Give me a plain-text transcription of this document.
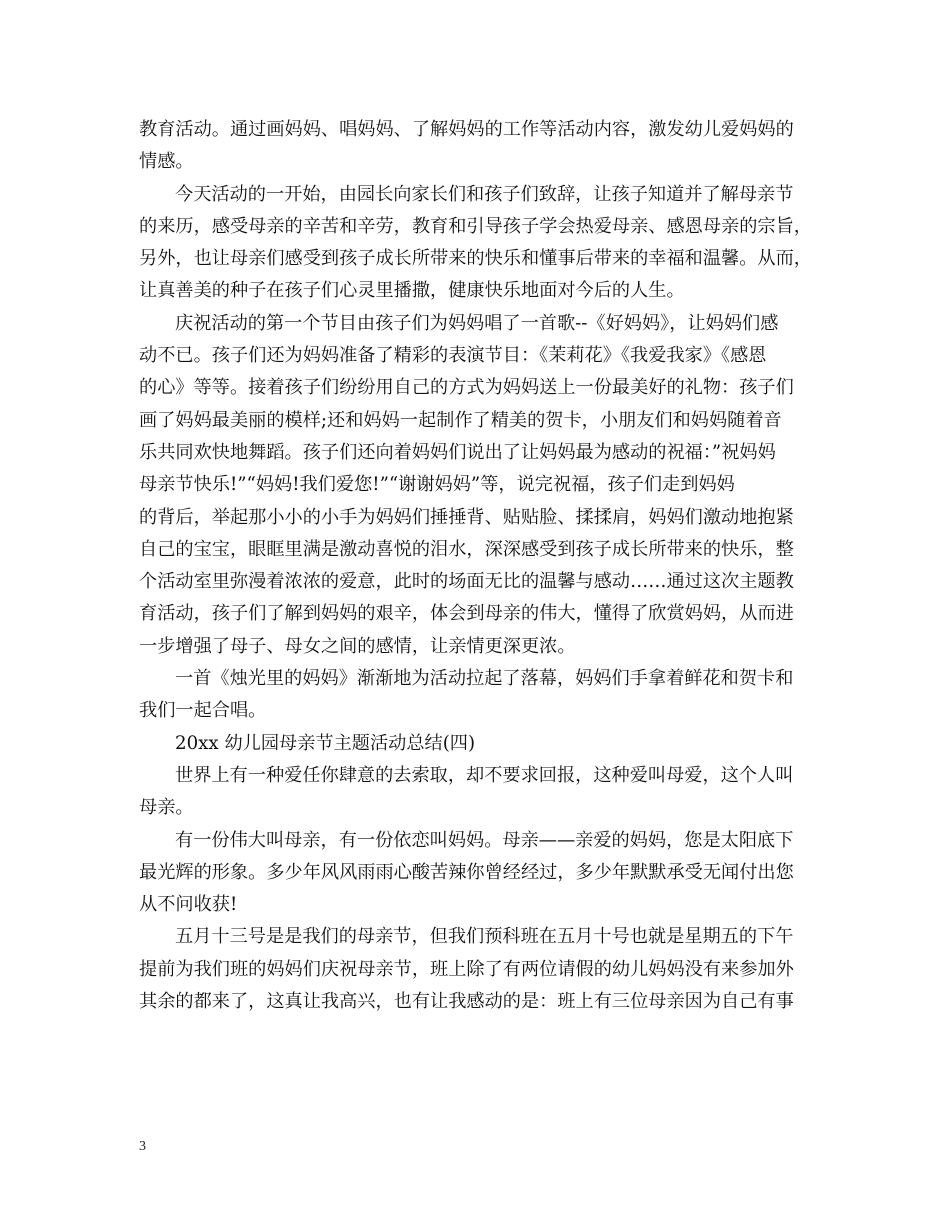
教育活动。通过画妈妈、唱妈妈、了解妈妈的工作等活动内容，激发幼儿爱妈妈的
情感。
今天活动的一开始，由园长向家长们和孩子们致辞，让孩子知道并了解母亲节
的来历，感受母亲的辛苦和辛劳，教育和引导孩子学会热爱母亲、感恩母亲的宗旨，
另外，也让母亲们感受到孩子成长所带来的快乐和懂事后带来的幸福和温馨。从而，
让真善美的种子在孩子们心灵里播撒，健康快乐地面对今后的人生。
庆祝活动的第一个节目由孩子们为妈妈唱了一首歌--《好妈妈》，让妈妈们感
动不已。孩子们还为妈妈准备了精彩的表演节目：《茉莉花》《我爱我家》《感恩
的心》等等。接着孩子们纷纷用自己的方式为妈妈送上一份最美好的礼物：孩子们
画了妈妈最美丽的模样;还和妈妈一起制作了精美的贺卡，小朋友们和妈妈随着音
乐共同欢快地舞蹈。孩子们还向着妈妈们说出了让妈妈最为感动的祝福：”祝妈妈
母亲节快乐!”“妈妈!我们爱您!”“谢谢妈妈”等，说完祝福，孩子们走到妈妈
的背后，举起那小小的小手为妈妈们捶捶背、贴贴脸、揉揉肩，妈妈们激动地抱紧
自己的宝宝，眼眶里满是激动喜悦的泪水，深深感受到孩子成长所带来的快乐，整
个活动室里弥漫着浓浓的爱意，此时的场面无比的温馨与感动……通过这次主题教
育活动，孩子们了解到妈妈的艰辛，体会到母亲的伟大，懂得了欣赏妈妈，从而进
一步增强了母子、母女之间的感情，让亲情更深更浓。
一首《烛光里的妈妈》渐渐地为活动拉起了落幕，妈妈们手拿着鲜花和贺卡和
我们一起合唱。
20xx 幼儿园母亲节主题活动总结(四)
世界上有一种爱任你肆意的去索取，却不要求回报，这种爱叫母爱，这个人叫
母亲。
有一份伟大叫母亲，有一份依恋叫妈妈。母亲——亲爱的妈妈，您是太阳底下
最光辉的形象。多少年风风雨雨心酸苦辣你曾经经过，多少年默默承受无闻付出您
从不问收获!
五月十三号是是我们的母亲节，但我们预科班在五月十号也就是星期五的下午
提前为我们班的妈妈们庆祝母亲节，班上除了有两位请假的幼儿妈妈没有来参加外
其余的都来了，这真让我高兴，也有让我感动的是：班上有三位母亲因为自己有事
3
